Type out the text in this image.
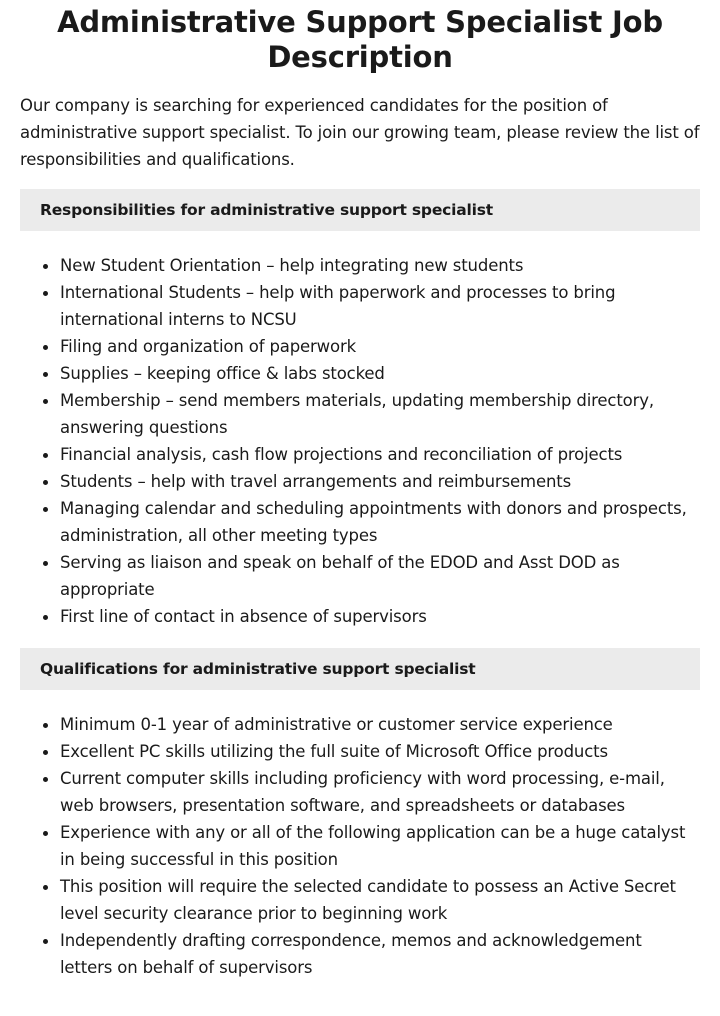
Administrative Support Specialist Job Description

Our company is searching for experienced candidates for the position of administrative support specialist. To join our growing team, please review the list of responsibilities and qualifications.

Responsibilities for administrative support specialist
New Student Orientation – help integrating new students
International Students – help with paperwork and processes to bring international interns to NCSU
Filing and organization of paperwork
Supplies – keeping office & labs stocked
Membership – send members materials, updating membership directory, answering questions
Financial analysis, cash flow projections and reconciliation of projects
Students – help with travel arrangements and reimbursements
Managing calendar and scheduling appointments with donors and prospects, administration, all other meeting types
Serving as liaison and speak on behalf of the EDOD and Asst DOD as appropriate
First line of contact in absence of supervisors
Qualifications for administrative support specialist
Minimum 0-1 year of administrative or customer service experience
Excellent PC skills utilizing the full suite of Microsoft Office products
Current computer skills including proficiency with word processing, e-mail, web browsers, presentation software, and spreadsheets or databases
Experience with any or all of the following application can be a huge catalyst in being successful in this position
This position will require the selected candidate to possess an Active Secret level security clearance prior to beginning work
Independently drafting correspondence, memos and acknowledgement letters on behalf of supervisors
